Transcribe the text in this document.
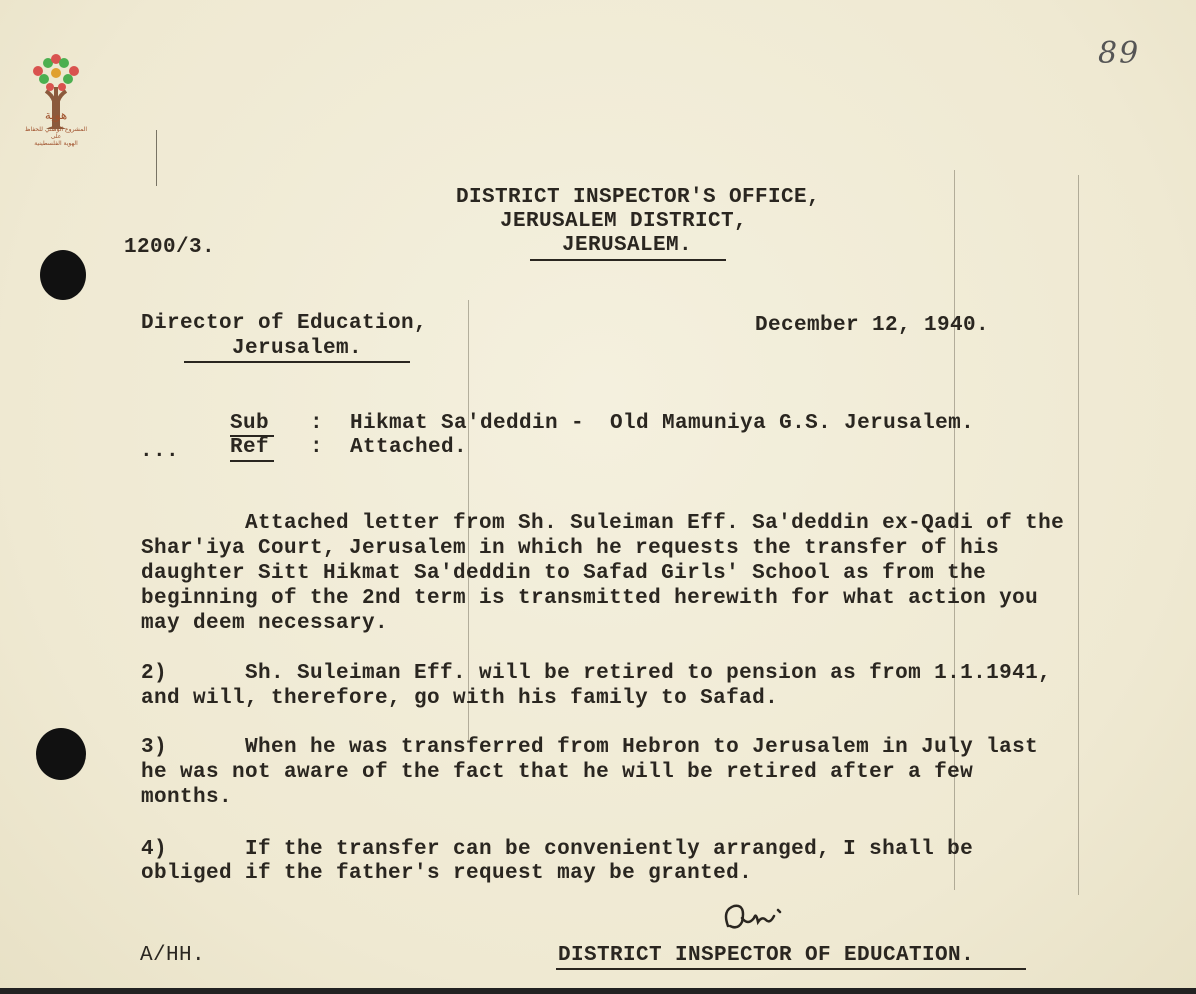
هوية
المشروع الوطني للحفاظ على
الهوية الفلسطينية
89
DISTRICT INSPECTOR'S OFFICE,
JERUSALEM DISTRICT,
JERUSALEM.
1200/3.
Director of Education,
Jerusalem.
December 12, 1940.
Sub : Hikmat Sa'deddin -  Old Mamuniya G.S. Jerusalem.
... Ref : Attached.
Attached letter from Sh. Suleiman Eff. Sa'deddin ex-Qadi of the
Shar'iya Court, Jerusalem in which he requests the transfer of his
daughter Sitt Hikmat Sa'deddin to Safad Girls' School as from the
beginning of the 2nd term is transmitted herewith for what action you
may deem necessary.
2)      Sh. Suleiman Eff. will be retired to pension as from 1.1.1941,
and will, therefore, go with his family to Safad.
3)      When he was transferred from Hebron to Jerusalem in July last
he was not aware of the fact that he will be retired after a few
months.
4)      If the transfer can be conveniently arranged, I shall be
obliged if the father's request may be granted.
A/HH.	DISTRICT INSPECTOR OF EDUCATION.
